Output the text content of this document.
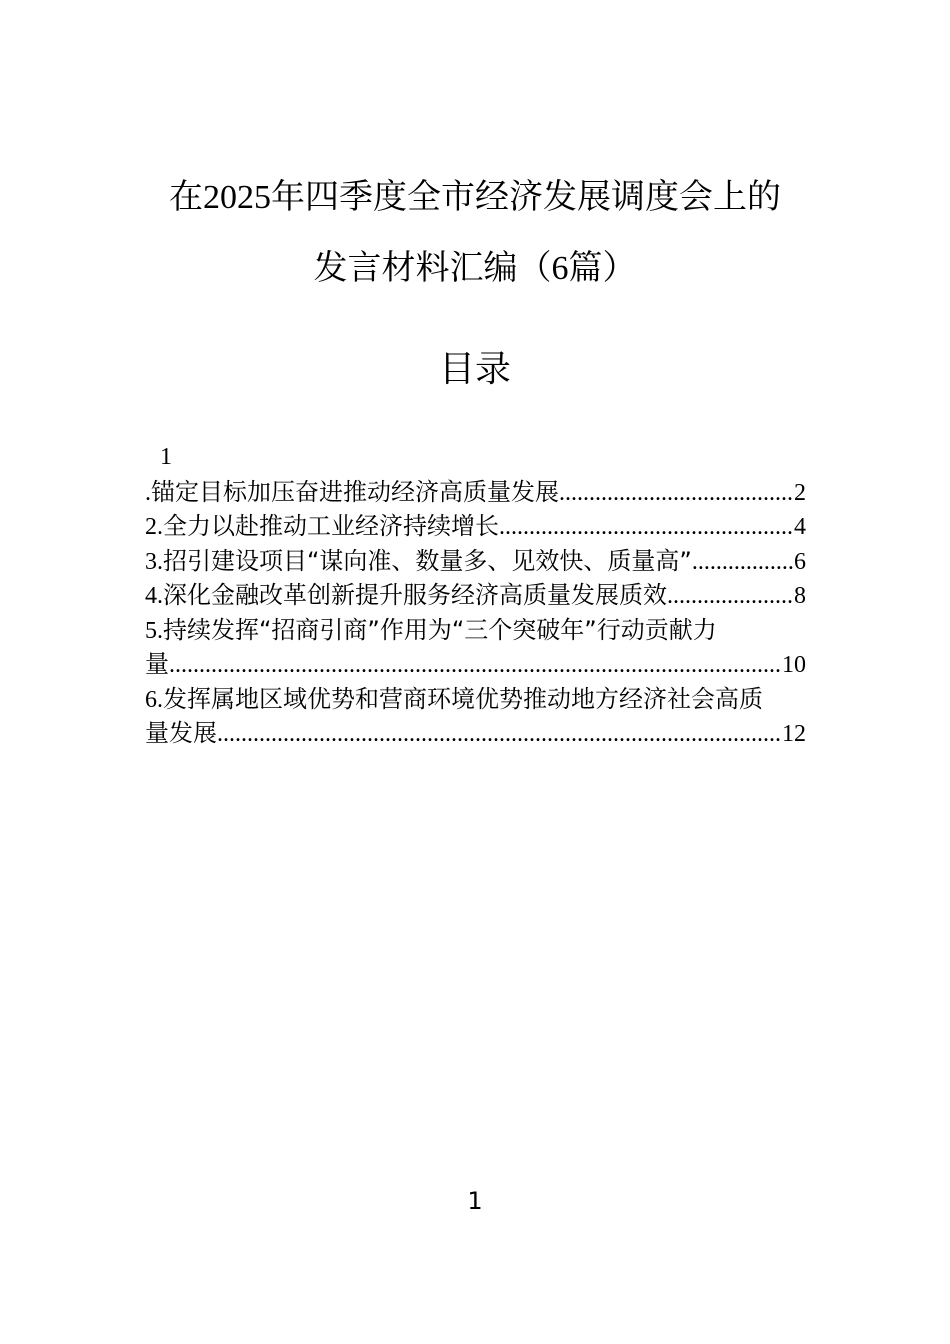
在2025年四季度全市经济发展调度会上的
发言材料汇编（6篇）
目录
1
.锚定目标加压奋进推动经济高质量发展 .....	2
2.全力以赴推动工业经济持续增长 .....	4
3.招引建设项目“谋向准、数量多、见效快、质量高” .....	6
4.深化金融改革创新提升服务经济高质量发展质效 .....	8
5.持续发挥“招商引商”作用为“三个突破年”行动贡献力
量 .....	10
6.发挥属地区域优势和营商环境优势推动地方经济社会高质
量发展 .....	12
1
